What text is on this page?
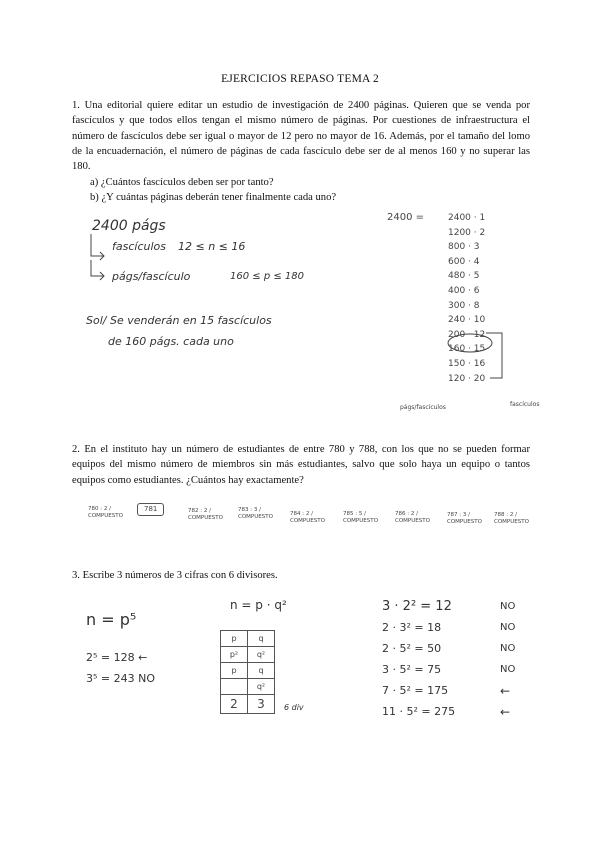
EJERCICIOS REPASO TEMA 2
1. Una editorial quiere editar un estudio de investigación de 2400 páginas. Quieren que se venda por fascículos y que todos ellos tengan el mismo número de páginas. Por cuestiones de infraestructura el número de fascículos debe ser igual o mayor de 12 pero no mayor de 16. Además, por el tamaño del lomo de la encuadernación, el número de páginas de cada fascículo debe ser de al menos 160 y no superar las 180.
a) ¿Cuántos fascículos deben ser por tanto?
b) ¿Y cuántas páginas deberán tener finalmente cada uno?
2400 págs
fascículos 12 ≤ n ≤ 16
págs/fascículo	160 ≤ p ≤ 180
Sol/ Se venderán en 15 fascículos
de 160 págs. cada uno
2400 =	2400 · 1
1200 · 2
800 · 3
600 · 4
480 · 5
400 · 6
300 · 8
240 · 10
200 · 12
160 · 15
150 · 16
120 · 20
págs/fascículos	fascículos
2. En el instituto hay un número de estudiantes de entre 780 y 788, con los que no se pueden formar equipos del mismo número de miembros sin más estudiantes, salvo que solo haya un equipo o tantos equipos como estudiantes. ¿Cuántos hay exactamente?
780 : 2 /
COMPUESTO
781	782 : 2 /
COMPUESTO
783 : 3 /
COMPUESTO	784 : 2 /
COMPUESTO
785 : 5 /
COMPUESTO
786 : 2 /
COMPUESTO
787 : 3 /
COMPUESTO
788 : 2 /
COMPUESTO
3. Escribe 3 números de 3 cifras con 6 divisores.
n = p⁵
2⁵ = 128 ←
3⁵ = 243 NO
n = p · q²
p	q
p²	q²
p	q
	q²
2	3 6 div
3 · 2² = 12	NO
2 · 3² = 18	NO
2 · 5² = 50	NO
3 · 5² = 75	NO
7 · 5² = 175	←
11 · 5² = 275	←
